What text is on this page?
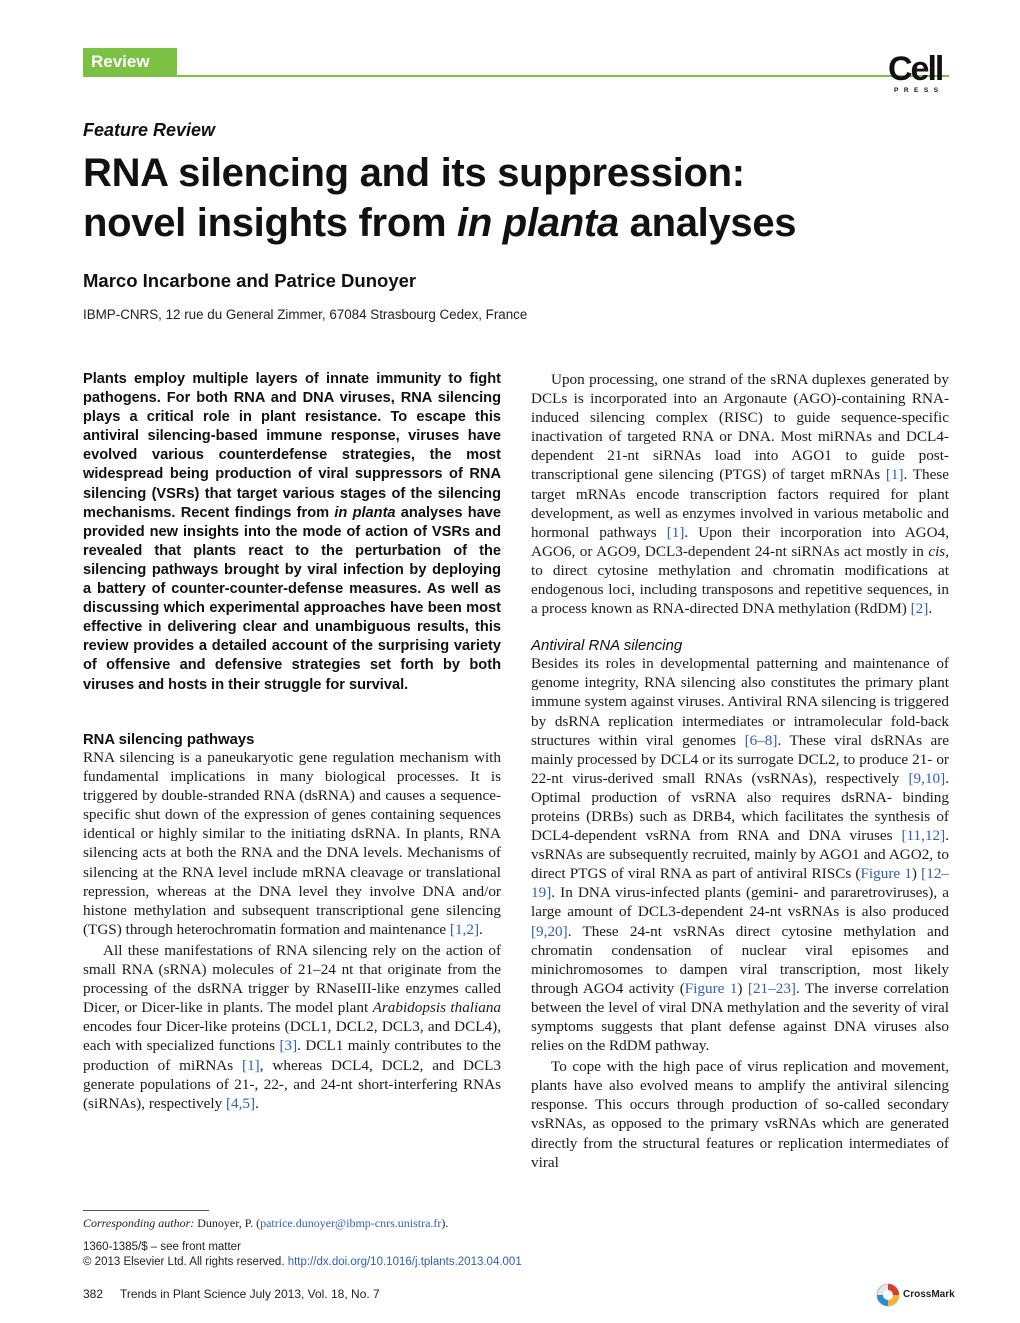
Review	Cell
PRESS
Feature Review
RNA silencing and its suppression:
novel insights from in planta analyses
Marco Incarbone and Patrice Dunoyer
IBMP-CNRS, 12 rue du General Zimmer, 67084 Strasbourg Cedex, France
Plants employ multiple layers of innate immunity to fight pathogens. For both RNA and DNA viruses, RNA silencing plays a critical role in plant resistance. To escape this antiviral silencing-based immune response, viruses have evolved various counterdefense strategies, the most widespread being production of viral suppressors of RNA silencing (VSRs) that target various stages of the silencing mechanisms. Recent findings from in planta analyses have provided new insights into the mode of action of VSRs and revealed that plants react to the perturbation of the silencing pathways brought by viral infection by deploying a battery of counter-counter-defense measures. As well as discussing which experimental approaches have been most effective in delivering clear and unambiguous results, this review provides a detailed account of the surprising variety of offensive and defensive strategies set forth by both viruses and hosts in their struggle for survival.
RNA silencing pathways

RNA silencing is a paneukaryotic gene regulation mechanism with fundamental implications in many biological processes. It is triggered by double-stranded RNA (dsRNA) and causes a sequence-specific shut down of the expression of genes containing sequences identical or highly similar to the initiating dsRNA. In plants, RNA silencing acts at both the RNA and the DNA levels. Mechanisms of silencing at the RNA level include mRNA cleavage or translational repression, whereas at the DNA level they involve DNA and/or histone methylation and subsequent transcriptional gene silencing (TGS) through heterochromatin formation and maintenance [1,2].

All these manifestations of RNA silencing rely on the action of small RNA (sRNA) molecules of 21–24 nt that originate from the processing of the dsRNA trigger by RNaseIII-like enzymes called Dicer, or Dicer-like in plants. The model plant Arabidopsis thaliana encodes four Dicer-like proteins (DCL1, DCL2, DCL3, and DCL4), each with specialized functions [3]. DCL1 mainly contributes to the production of miRNAs [1], whereas DCL4, DCL2, and DCL3 generate populations of 21-, 22-, and 24-nt short-interfering RNAs (siRNAs), respectively [4,5].

Upon processing, one strand of the sRNA duplexes generated by DCLs is incorporated into an Argonaute (AGO)-containing RNA-induced silencing complex (RISC) to guide sequence-specific inactivation of targeted RNA or DNA. Most miRNAs and DCL4-dependent 21-nt siRNAs load into AGO1 to guide post-transcriptional gene silencing (PTGS) of target mRNAs [1]. These target mRNAs encode transcription factors required for plant development, as well as enzymes involved in various metabolic and hormonal pathways [1]. Upon their incorporation into AGO4, AGO6, or AGO9, DCL3-dependent 24-nt siRNAs act mostly in cis, to direct cytosine methylation and chromatin modifications at endogenous loci, including transposons and repetitive sequences, in a process known as RNA-directed DNA methylation (RdDM) [2].

Antiviral RNA silencing

Besides its roles in developmental patterning and maintenance of genome integrity, RNA silencing also constitutes the primary plant immune system against viruses. Antiviral RNA silencing is triggered by dsRNA replication intermediates or intramolecular fold-back structures within viral genomes [6–8]. These viral dsRNAs are mainly processed by DCL4 or its surrogate DCL2, to produce 21- or 22-nt virus-derived small RNAs (vsRNAs), respectively [9,10]. Optimal production of vsRNA also requires dsRNA- binding proteins (DRBs) such as DRB4, which facilitates the synthesis of DCL4-dependent vsRNA from RNA and DNA viruses [11,12]. vsRNAs are subsequently recruited, mainly by AGO1 and AGO2, to direct PTGS of viral RNA as part of antiviral RISCs (Figure 1) [12–19]. In DNA virus-infected plants (gemini- and pararetroviruses), a large amount of DCL3-dependent 24-nt vsRNAs is also produced [9,20]. These 24-nt vsRNAs direct cytosine methylation and chromatin condensation of nuclear viral episomes and minichromosomes to dampen viral transcription, most likely through AGO4 activity (Figure 1) [21–23]. The inverse correlation between the level of viral DNA methylation and the severity of viral symptoms suggests that plant defense against DNA viruses also relies on the RdDM pathway.

To cope with the high pace of virus replication and movement, plants have also evolved means to amplify the antiviral silencing response. This occurs through production of so-called secondary vsRNAs, as opposed to the primary vsRNAs which are generated directly from the structural features or replication intermediates of viral

Corresponding author: Dunoyer, P. (patrice.dunoyer@ibmp-cnrs.unistra.fr).
1360-1385/$ – see front matter
© 2013 Elsevier Ltd. All rights reserved. http://dx.doi.org/10.1016/j.tplants.2013.04.001
382 Trends in Plant Science July 2013, Vol. 18, No. 7	CrossMark
